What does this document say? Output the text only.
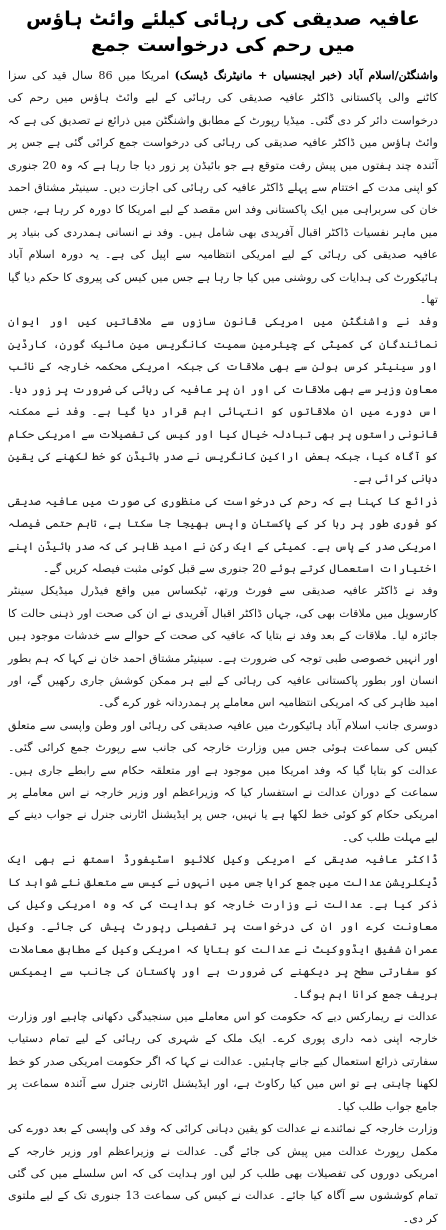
عافیہ صدیقی کی رہائی کیلئے وائٹ ہاؤس میں رحم کی درخواست جمع

واشنگٹن/اسلام آباد (خبر ایجنسیاں + مانیٹرنگ ڈیسک) امریکا میں 86 سال قید کی سزا کاٹنے والی پاکستانی ڈاکٹر عافیہ صدیقی کی رہائی کے لیے وائٹ ہاؤس میں رحم کی درخواست دائر کر دی گئی۔ میڈیا رپورٹ کے مطابق واشنگٹن میں ذرائع نے تصدیق کی ہے کہ وائٹ ہاؤس میں ڈاکٹر عافیہ صدیقی کی رہائی کی درخواست جمع کرائی گئی ہے جس پر آئندہ چند ہفتوں میں پیش رفت متوقع ہے جو بائیڈن پر زور دیا جا رہا ہے کہ وہ 20 جنوری کو اپنی مدت کے اختتام سے پہلے ڈاکٹر عافیہ کی رہائی کی اجازت دیں۔ سینیٹر مشتاق احمد خان کی سربراہی میں ایک پاکستانی وفد اس مقصد کے لیے امریکا کا دورہ کر رہا ہے، جس میں ماہر نفسیات ڈاکٹر اقبال آفریدی بھی شامل ہیں۔ وفد نے انسانی ہمدردی کی بنیاد پر عافیہ صدیقی کی رہائی کے لیے امریکی انتظامیہ سے اپیل کی ہے۔ یہ دورہ اسلام آباد ہائیکورٹ کی ہدایات کی روشنی میں کیا جا رہا ہے جس میں کیس کی پیروی کا حکم دیا گیا تھا۔

وفد نے واشنگٹن میں امریکی قانون سازوں سے ملاقاتیں کیں اور ایوان نمائندگان کی کمیٹی کے چیئرمین سمیت کانگریس مین مائیک گورن، کارڈین اور سینیٹر کرس ہولن سے بھی ملاقات کی جبکہ امریکی محکمہ خارجہ کے نائب معاون وزیر سے بھی ملاقات کی اور ان پر عافیہ کی رہائی کی ضرورت پر زور دیا۔ اس دورے میں ان ملاقاتوں کو انتہائی اہم قرار دیا گیا ہے۔ وفد نے ممکنہ قانونی راستوں پر بھی تبادلہ خیال کیا اور کیس کی تفصیلات سے امریکی حکام کو آگاہ کیا، جبکہ بعض اراکین کانگریس نے صدر بائیڈن کو خط لکھنے کی یقین دہانی کرائی ہے۔

ذرائع کا کہنا ہے کہ رحم کی درخواست کی منظوری کی صورت میں عافیہ صدیقی کو فوری طور پر رہا کر کے پاکستان واپس بھیجا جا سکتا ہے، تاہم حتمی فیصلہ امریکی صدر کے پاس ہے۔ کمیٹی کے ایک رکن نے امید ظاہر کی کہ صدر بائیڈن اپنے اختیارات استعمال کرتے ہوئے 20 جنوری سے قبل کوئی مثبت فیصلہ کریں گے۔

وفد نے ڈاکٹر عافیہ صدیقی سے فورٹ ورتھ، ٹیکساس میں واقع فیڈرل میڈیکل سینٹر کارسویل میں ملاقات بھی کی، جہاں ڈاکٹر اقبال آفریدی نے ان کی صحت اور ذہنی حالت کا جائزہ لیا۔ ملاقات کے بعد وفد نے بتایا کہ عافیہ کی صحت کے حوالے سے خدشات موجود ہیں اور انہیں خصوصی طبی توجہ کی ضرورت ہے۔ سینیٹر مشتاق احمد خان نے کہا کہ ہم بطور انسان اور بطور پاکستانی عافیہ کی رہائی کے لیے ہر ممکن کوشش جاری رکھیں گے، اور امید ظاہر کی کہ امریکی انتظامیہ اس معاملے پر ہمدردانہ غور کرے گی۔

دوسری جانب اسلام آباد ہائیکورٹ میں عافیہ صدیقی کی رہائی اور وطن واپسی سے متعلق کیس کی سماعت ہوئی جس میں وزارت خارجہ کی جانب سے رپورٹ جمع کرائی گئی۔ عدالت کو بتایا گیا کہ وفد امریکا میں موجود ہے اور متعلقہ حکام سے رابطے جاری ہیں۔ سماعت کے دوران عدالت نے استفسار کیا کہ وزیراعظم اور وزیر خارجہ نے اس معاملے پر امریکی حکام کو کوئی خط لکھا ہے یا نہیں، جس پر ایڈیشنل اٹارنی جنرل نے جواب دینے کے لیے مہلت طلب کی۔

ڈاکٹر عافیہ صدیقی کے امریکی وکیل کلائیو اسٹیفورڈ اسمتھ نے بھی ایک ڈیکلریشن عدالت میں جمع کرایا جس میں انہوں نے کیس سے متعلق نئے شواہد کا ذکر کیا ہے۔ عدالت نے وزارت خارجہ کو ہدایت کی کہ وہ امریکی وکیل کی معاونت کرے اور ان کی درخواست پر تفصیلی رپورٹ پیش کی جائے۔ وکیل عمران شفیق ایڈووکیٹ نے عدالت کو بتایا کہ امریکی وکیل کے مطابق معاملات کو سفارتی سطح پر دیکھنے کی ضرورت ہے اور پاکستان کی جانب سے ایمیکس بریف جمع کرانا اہم ہوگا۔

عدالت نے ریمارکس دیے کہ حکومت کو اس معاملے میں سنجیدگی دکھانی چاہیے اور وزارت خارجہ اپنی ذمہ داری پوری کرے۔ ایک ملک کے شہری کی رہائی کے لیے تمام دستیاب سفارتی ذرائع استعمال کیے جانے چاہئیں۔ عدالت نے کہا کہ اگر حکومت امریکی صدر کو خط لکھنا چاہتی ہے تو اس میں کیا رکاوٹ ہے، اور ایڈیشنل اٹارنی جنرل سے آئندہ سماعت پر جامع جواب طلب کیا۔

وزارت خارجہ کے نمائندے نے عدالت کو یقین دہانی کرائی کہ وفد کی واپسی کے بعد دورے کی مکمل رپورٹ عدالت میں پیش کی جائے گی۔ عدالت نے وزیراعظم اور وزیر خارجہ کے امریکی دوروں کی تفصیلات بھی طلب کر لیں اور ہدایت کی کہ اس سلسلے میں کی گئی تمام کوششوں سے آگاہ کیا جائے۔ عدالت نے کیس کی سماعت 13 جنوری تک کے لیے ملتوی کر دی۔
